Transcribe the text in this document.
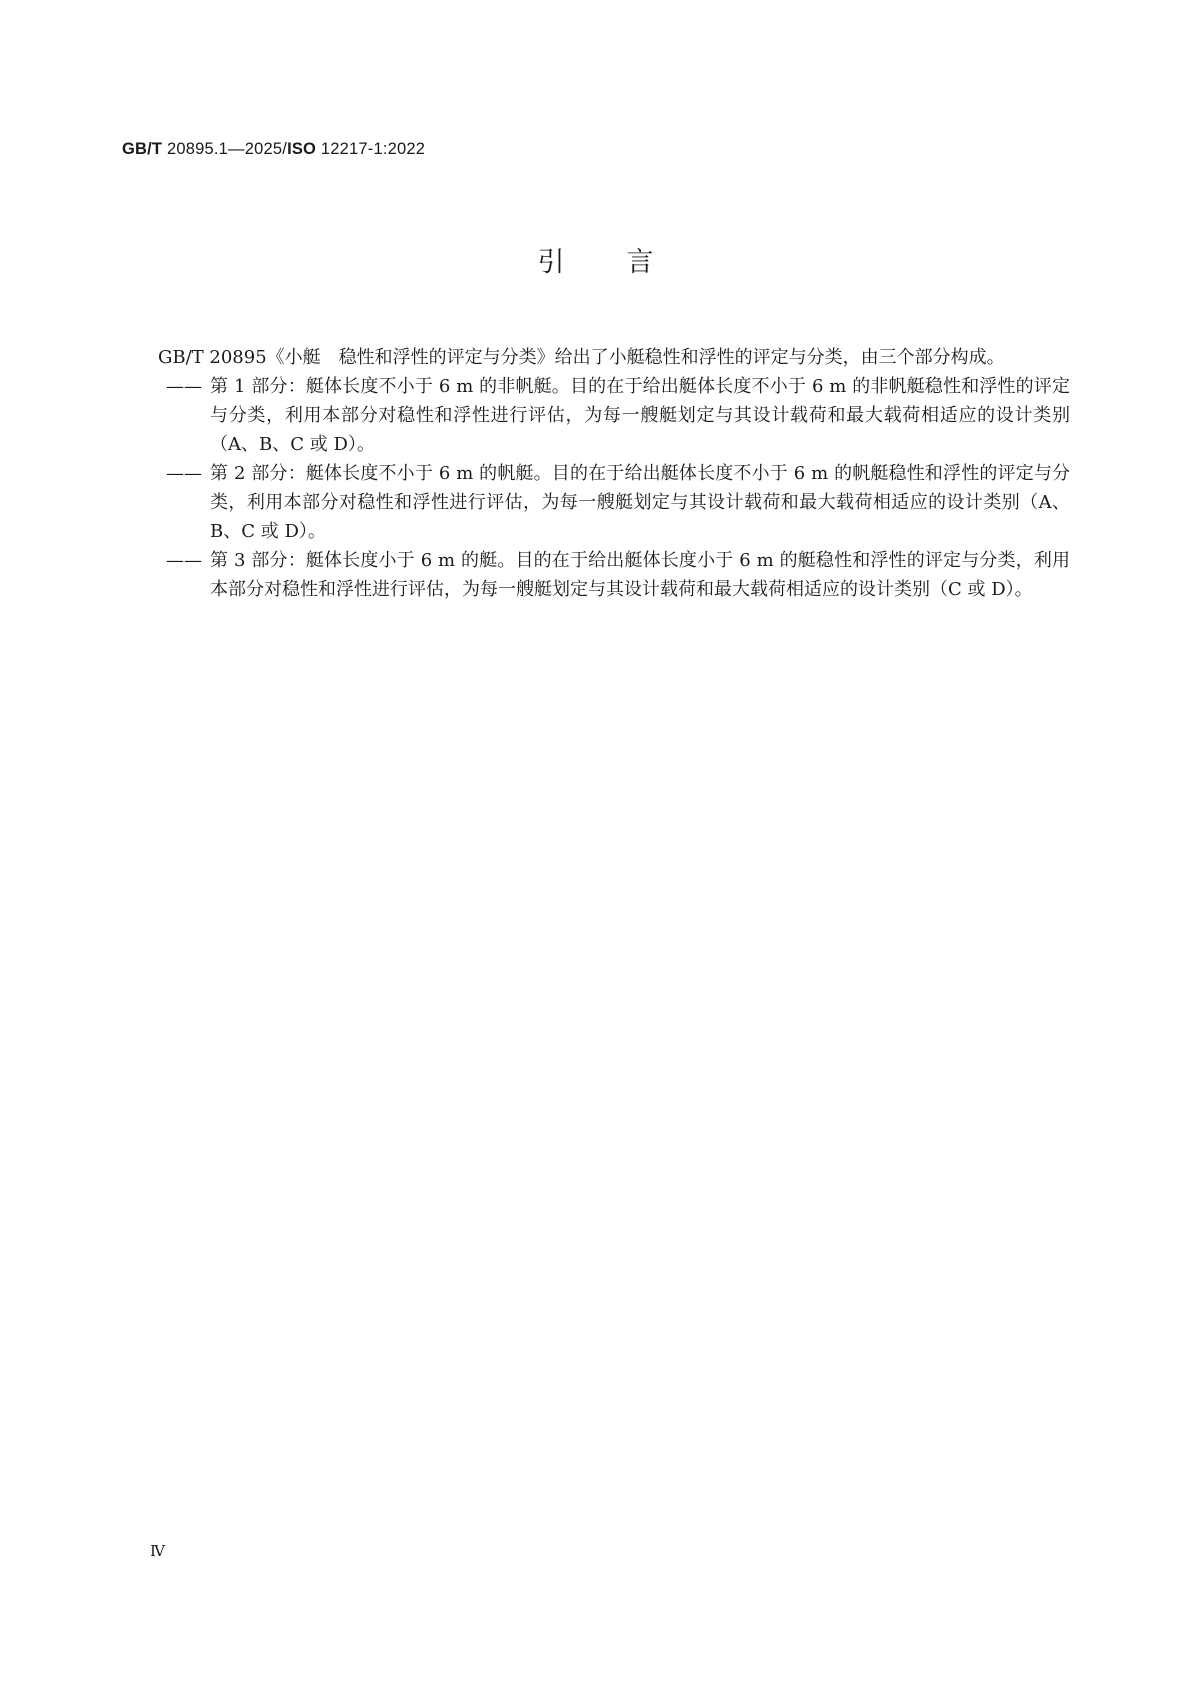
GB/T 20895.1—2025/ISO 12217-1:2022
引言

GB/T 20895《小艇　稳性和浮性的评定与分类》给出了小艇稳性和浮性的评定与分类，由三个部分构成。

—— 第 1 部分：艇体长度不小于 6 m 的非帆艇。目的在于给出艇体长度不小于 6 m 的非帆艇稳性和浮性的评定与分类，利用本部分对稳性和浮性进行评估，为每一艘艇划定与其设计载荷和最大载荷相适应的设计类别（A、B、C 或 D）。
—— 第 2 部分：艇体长度不小于 6 m 的帆艇。目的在于给出艇体长度不小于 6 m 的帆艇稳性和浮性的评定与分类，利用本部分对稳性和浮性进行评估，为每一艘艇划定与其设计载荷和最大载荷相适应的设计类别（A、B、C 或 D）。
—— 第 3 部分：艇体长度小于 6 m 的艇。目的在于给出艇体长度小于 6 m 的艇稳性和浮性的评定与分类，利用本部分对稳性和浮性进行评估，为每一艘艇划定与其设计载荷和最大载荷相适应的设计类别（C 或 D）。
Ⅳ
